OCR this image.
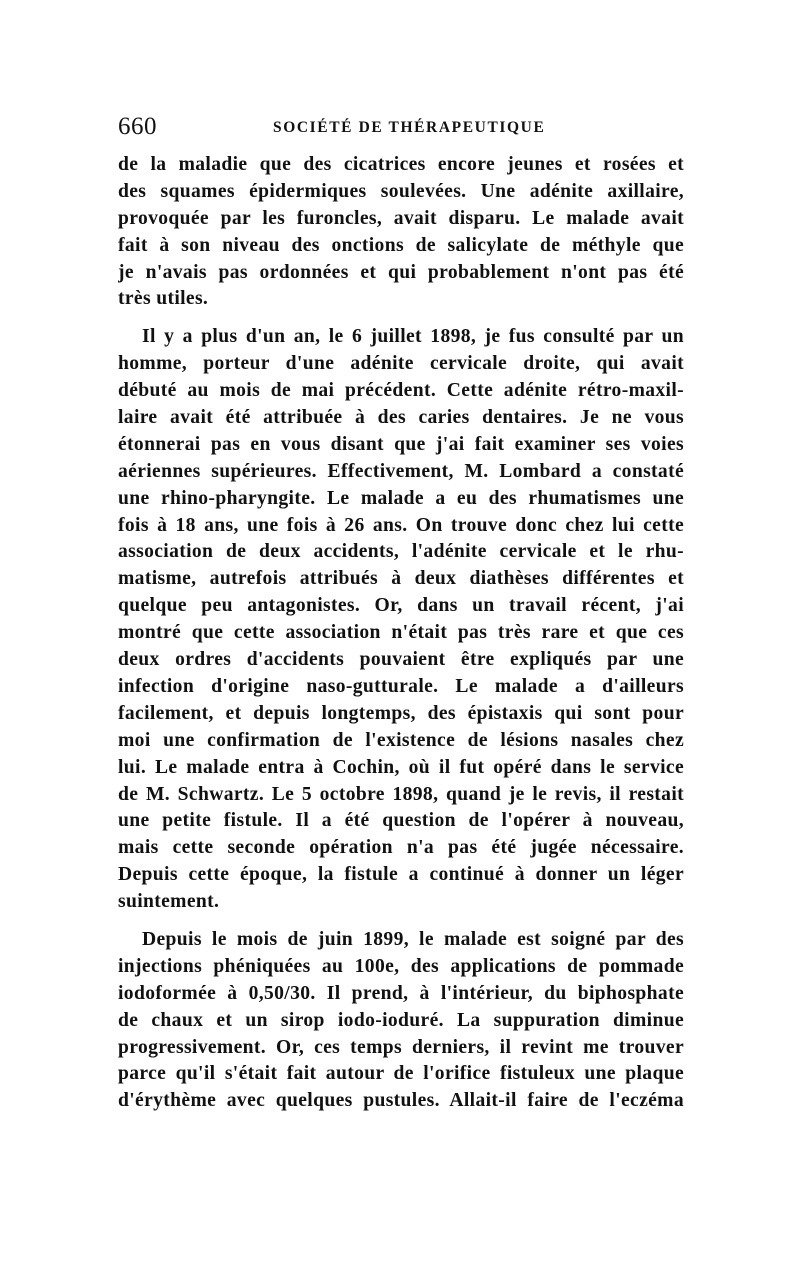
660	SOCIÉTÉ DE THÉRAPEUTIQUE
de la maladie que des cicatrices encore jeunes et rosées et
des squames épidermiques soulevées. Une adénite axillaire,
provoquée par les furoncles, avait disparu. Le malade avait
fait à son niveau des onctions de salicylate de méthyle que
je n'avais pas ordonnées et qui probablement n'ont pas été
très utiles.
Il y a plus d'un an, le 6 juillet 1898, je fus consulté par un
homme, porteur d'une adénite cervicale droite, qui avait
débuté au mois de mai précédent. Cette adénite rétro-maxil-
laire avait été attribuée à des caries dentaires. Je ne vous
étonnerai pas en vous disant que j'ai fait examiner ses voies
aériennes supérieures. Effectivement, M. Lombard a constaté
une rhino-pharyngite. Le malade a eu des rhumatismes une
fois à 18 ans, une fois à 26 ans. On trouve donc chez lui cette
association de deux accidents, l'adénite cervicale et le rhu-
matisme, autrefois attribués à deux diathèses différentes et
quelque peu antagonistes. Or, dans un travail récent, j'ai
montré que cette association n'était pas très rare et que ces
deux ordres d'accidents pouvaient être expliqués par une
infection d'origine naso-gutturale. Le malade a d'ailleurs
facilement, et depuis longtemps, des épistaxis qui sont pour
moi une confirmation de l'existence de lésions nasales chez
lui. Le malade entra à Cochin, où il fut opéré dans le service
de M. Schwartz. Le 5 octobre 1898, quand je le revis, il restait
une petite fistule. Il a été question de l'opérer à nouveau,
mais cette seconde opération n'a pas été jugée nécessaire.
Depuis cette époque, la fistule a continué à donner un léger
suintement.
Depuis le mois de juin 1899, le malade est soigné par des
injections phéniquées au 100e, des applications de pommade
iodoformée à 0,50/30. Il prend, à l'intérieur, du biphosphate
de chaux et un sirop iodo-ioduré. La suppuration diminue
progressivement. Or, ces temps derniers, il revint me trouver
parce qu'il s'était fait autour de l'orifice fistuleux une plaque
d'érythème avec quelques pustules. Allait-il faire de l'eczéma
